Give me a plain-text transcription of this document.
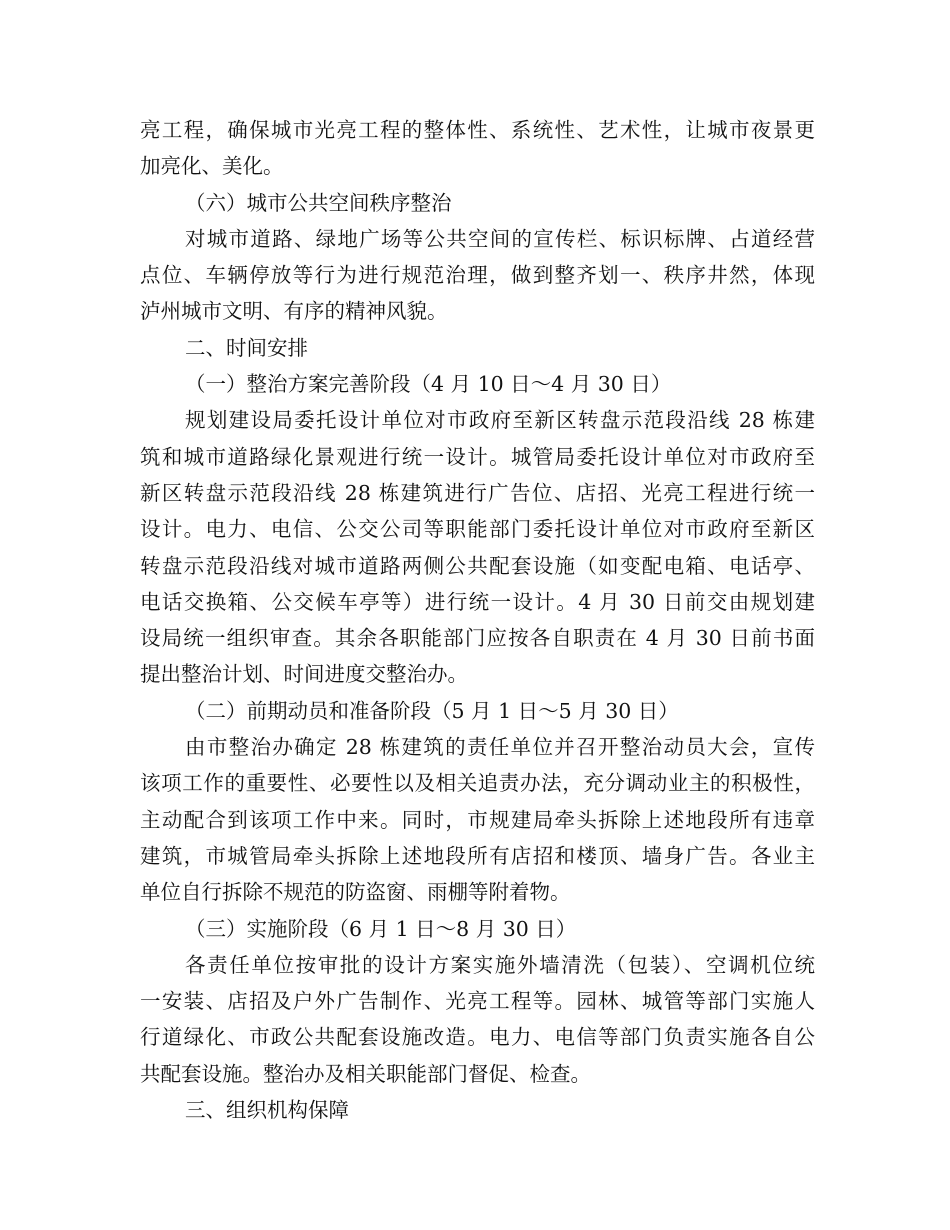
亮工程，确保城市光亮工程的整体性、系统性、艺术性，让城市夜景更
加亮化、美化。
（六）城市公共空间秩序整治
对城市道路、绿地广场等公共空间的宣传栏、标识标牌、占道经营
点位、车辆停放等行为进行规范治理，做到整齐划一、秩序井然，体现
泸州城市文明、有序的精神风貌。
二、时间安排
（一）整治方案完善阶段（4 月 10 日～4 月 30 日）
规划建设局委托设计单位对市政府至新区转盘示范段沿线 28 栋建
筑和城市道路绿化景观进行统一设计。城管局委托设计单位对市政府至
新区转盘示范段沿线 28 栋建筑进行广告位、店招、光亮工程进行统一
设计。电力、电信、公交公司等职能部门委托设计单位对市政府至新区
转盘示范段沿线对城市道路两侧公共配套设施（如变配电箱、电话亭、
电话交换箱、公交候车亭等）进行统一设计。4 月 30 日前交由规划建
设局统一组织审查。其余各职能部门应按各自职责在 4 月 30 日前书面
提出整治计划、时间进度交整治办。
（二）前期动员和准备阶段（5 月 1 日～5 月 30 日）
由市整治办确定 28 栋建筑的责任单位并召开整治动员大会，宣传
该项工作的重要性、必要性以及相关追责办法，充分调动业主的积极性，
主动配合到该项工作中来。同时，市规建局牵头拆除上述地段所有违章
建筑，市城管局牵头拆除上述地段所有店招和楼顶、墙身广告。各业主
单位自行拆除不规范的防盗窗、雨棚等附着物。
（三）实施阶段（6 月 1 日～8 月 30 日）
各责任单位按审批的设计方案实施外墙清洗（包装）、空调机位统
一安装、店招及户外广告制作、光亮工程等。园林、城管等部门实施人
行道绿化、市政公共配套设施改造。电力、电信等部门负责实施各自公
共配套设施。整治办及相关职能部门督促、检查。
三、组织机构保障
